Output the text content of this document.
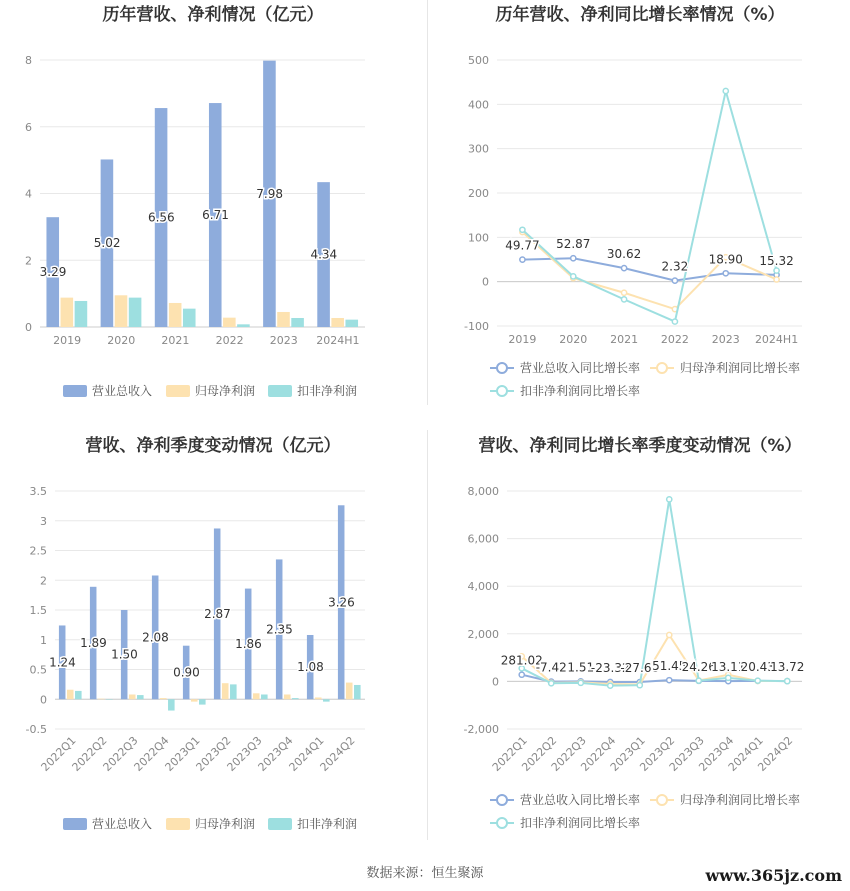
历年营收、净利情况（亿元）
0
2
4
6
8
2019 2020 2021 2022 2023 2024H1
3.29
5.02
6.56 6.71
7.98
4.34
营业总收入	归母净利润	扣非净利润
历年营收、净利同比增长率情况（%）
-100
0
100
200
300
400
500
2019 2020 2021 2022 2023 2024H1
49.77 52.87
30.62
2.32
18.90 15.32
营业总收入同比增长率	归母净利润同比增长率
扣非净利润同比增长率
营收、净利季度变动情况（亿元）
-0.5
0
0.5
1
1.5
2
2.5
3
3.5
2022Q1
2022Q2
2022Q3
2022Q4
2023Q1
2023Q2
2023Q3
2023Q4
2024Q1
2024Q2
1.24
1.89
1.50
2.08
0.90
2.87
1.86
2.35
1.08
3.26
营业总收入	归母净利润	扣非净利润
营收、净利同比增长率季度变动情况（%）
-2,000
0
2,000
4,000
6,000
8,000
2022Q1
2022Q2
2022Q3
2022Q4
2023Q1
2023Q2
2023Q3
2023Q4
2024Q1
2024Q2
281.02
-7.42 1.51
-23.32
-27.60
51.45
24.26
13.11
20.43
13.72
营业总收入同比增长率	归母净利润同比增长率
扣非净利润同比增长率
数据来源：恒生聚源	www.365jz.com
